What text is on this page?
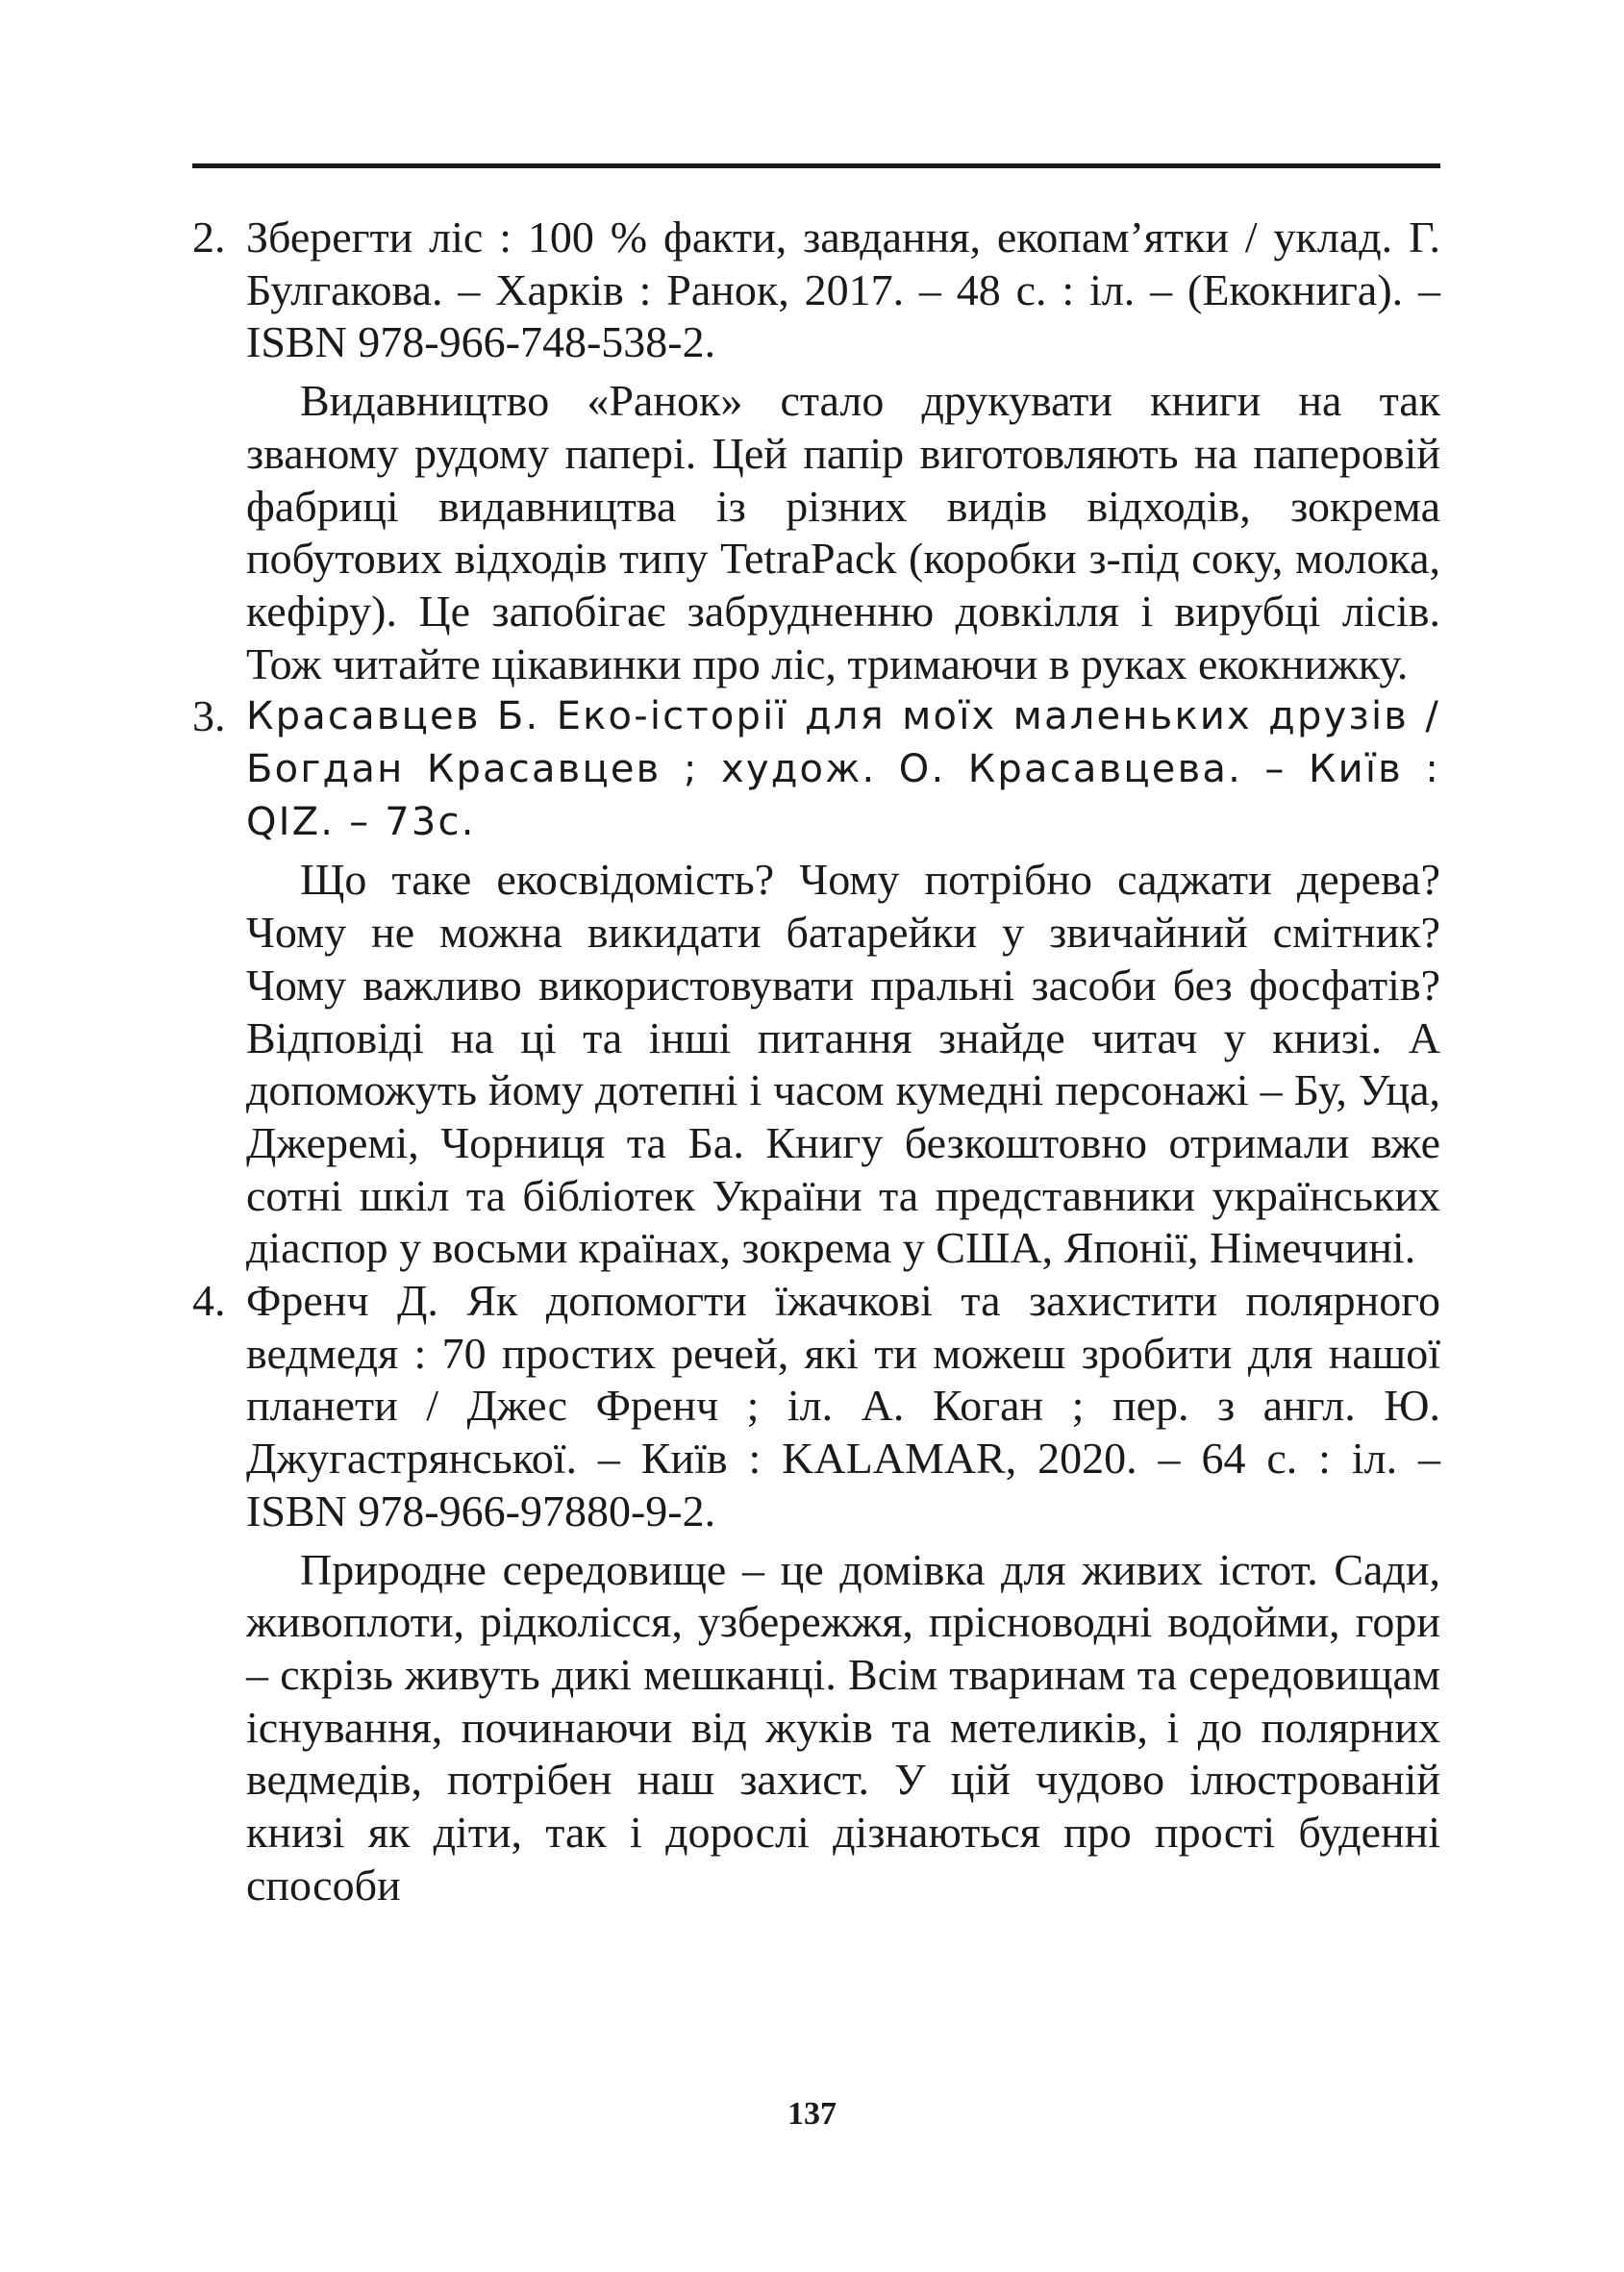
2. Зберегти ліс : 100 % факти, завдання, екопам’ятки / уклад. Г. Булгакова. – Харків : Ранок, 2017. – 48 с. : іл. – (Екокнига). – ISBN 978-966-748-538-2.

Видавництво «Ранок» стало друкувати книги на так званому рудому папері. Цей папір виготовляють на паперовій фабриці видавництва із різних видів відходів, зокрема побутових відходів типу TetraPack (коробки з-під соку, молока, кефіру). Це запобігає забрудненню довкілля і вирубці лісів. Тож читайте цікавинки про ліс, тримаючи в руках екокнижку.

3. Красавцев Б. Еко-історії для моїх маленьких друзів / Богдан Красавцев ; худож. О. Красавцева. – Київ : QIZ. – 73с.

Що таке екосвідомість? Чому потрібно саджати дерева? Чому не можна викидати батарейки у звичайний смітник? Чому важливо використовувати пральні засоби без фосфатів? Відповіді на ці та інші питання знайде читач у книзі. А допоможуть йому дотепні і часом кумедні персонажі – Бу, Уца, Джеремі, Чорниця та Ба. Книгу безкоштовно отримали вже сотні шкіл та бібліотек України та представники українських діаспор у восьми країнах, зокрема у США, Японії, Німеччині.

4. Френч Д. Як допомогти їжачкові та захистити полярного ведмедя : 70 простих речей, які ти можеш зробити для нашої планети / Джес Френч ; іл. А. Коган ; пер. з англ. Ю. Джугастрянської. – Київ : KALAMAR, 2020. – 64 с. : іл. – ISBN 978-966-97880-9-2.

Природне середовище – це домівка для живих істот. Сади, живоплоти, рідколісся, узбережжя, прісноводні водойми, гори – скрізь живуть дикі мешканці. Всім тваринам та середовищам існування, починаючи від жуків та метеликів, і до полярних ведмедів, потрібен наш захист. У цій чудово ілюстрованій книзі як діти, так і дорослі дізнаються про прості буденні способи

137
